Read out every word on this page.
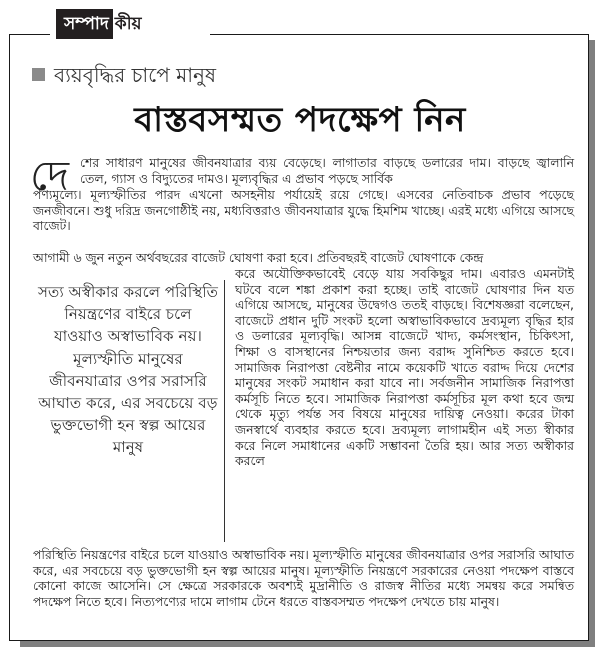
সম্পাদ কীয়
ব্যয়বৃদ্ধির চাপে মানুষ
বাস্তবসম্মত পদক্ষেপ নিন
দে শের সাধারণ মানুষের জীবনযাত্রার ব্যয় বেড়েছে। লাগাতার বাড়ছে ডলারের দাম। বাড়ছে জ্বালানি তেল, গ্যাস ও বিদ্যুতের দামও। মূল্যবৃদ্ধির এ প্রভাব পড়ছে সার্বিক
পণ্যমূল্যে। মূল্যস্ফীতির পারদ এখনো অসহনীয় পর্যায়েই রয়ে গেছে। এসবের নেতিবাচক প্রভাব পড়েছে জনজীবনে। শুধু দরিদ্র জনগোষ্ঠীই নয়, মধ্যবিত্তরাও জীবনযাত্রার যুদ্ধে হিমশিম খাচ্ছে। এরই মধ্যে এগিয়ে আসছে বাজেট।
আগামী ৬ জুন নতুন অর্থবছরের বাজেট ঘোষণা করা হবে। প্রতিবছরই বাজেট ঘোষণাকে কেন্দ্র
করে অযৌক্তিকভাবেই বেড়ে যায় সবকিছুর দাম। এবারও এমনটাই ঘটবে বলে শঙ্কা প্রকাশ করা হচ্ছে। তাই বাজেট ঘোষণার দিন যত এগিয়ে আসছে, মানুষের উদ্বেগও ততই বাড়ছে। বিশেষজ্ঞরা বলেছেন, বাজেটে প্রধান দুটি সংকট হলো অস্বাভাবিকভাবে দ্রব্যমূল্য বৃদ্ধির হার ও ডলারের মূল্যবৃদ্ধি। আসন্ন বাজেটে খাদ্য, কর্মসংস্থান, চিকিৎসা, শিক্ষা ও বাসস্থানের নিশ্চয়তার জন্য বরাদ্দ সুনিশ্চিত করতে হবে। সামাজিক নিরাপত্তা বেষ্টনীর নামে কয়েকটি খাতে বরাদ্দ দিয়ে দেশের মানুষের সংকট সমাধান করা যাবে না। সর্বজনীন সামাজিক নিরাপত্তা কর্মসূচি নিতে হবে। সামাজিক নিরাপত্তা কর্মসূচির মূল কথা হবে জন্ম থেকে মৃত্যু পর্যন্ত সব বিষয়ে মানুষের দায়িত্ব নেওয়া। করের টাকা জনস্বার্থে ব্যবহার করতে হবে। দ্রব্যমূল্য লাগামহীন এই সত্য স্বীকার করে নিলে সমাধানের একটি সম্ভাবনা তৈরি হয়। আর সত্য অস্বীকার করলে
সত্য অস্বীকার করলে পরিস্থিতি নিয়ন্ত্রণের বাইরে চলে যাওয়াও অস্বাভাবিক নয়। মূল্যস্ফীতি মানুষের জীবনযাত্রার ওপর সরাসরি আঘাত করে, এর সবচেয়ে বড় ভুক্তভোগী হন স্বল্প আয়ের মানুষ
পরিস্থিতি নিয়ন্ত্রণের বাইরে চলে যাওয়াও অস্বাভাবিক নয়। মূল্যস্ফীতি মানুষের জীবনযাত্রার ওপর সরাসরি আঘাত করে, এর সবচেয়ে বড় ভুক্তভোগী হন স্বল্প আয়ের মানুষ। মূল্যস্ফীতি নিয়ন্ত্রণে সরকারের নেওয়া পদক্ষেপ বাস্তবে কোনো কাজে আসেনি। সে ক্ষেত্রে সরকারকে অবশ্যই মুদ্রানীতি ও রাজস্ব নীতির মধ্যে সমন্বয় করে সমন্বিত পদক্ষেপ নিতে হবে। নিত্যপণ্যের দামে লাগাম টেনে ধরতে বাস্তবসম্মত পদক্ষেপ দেখতে চায় মানুষ।
